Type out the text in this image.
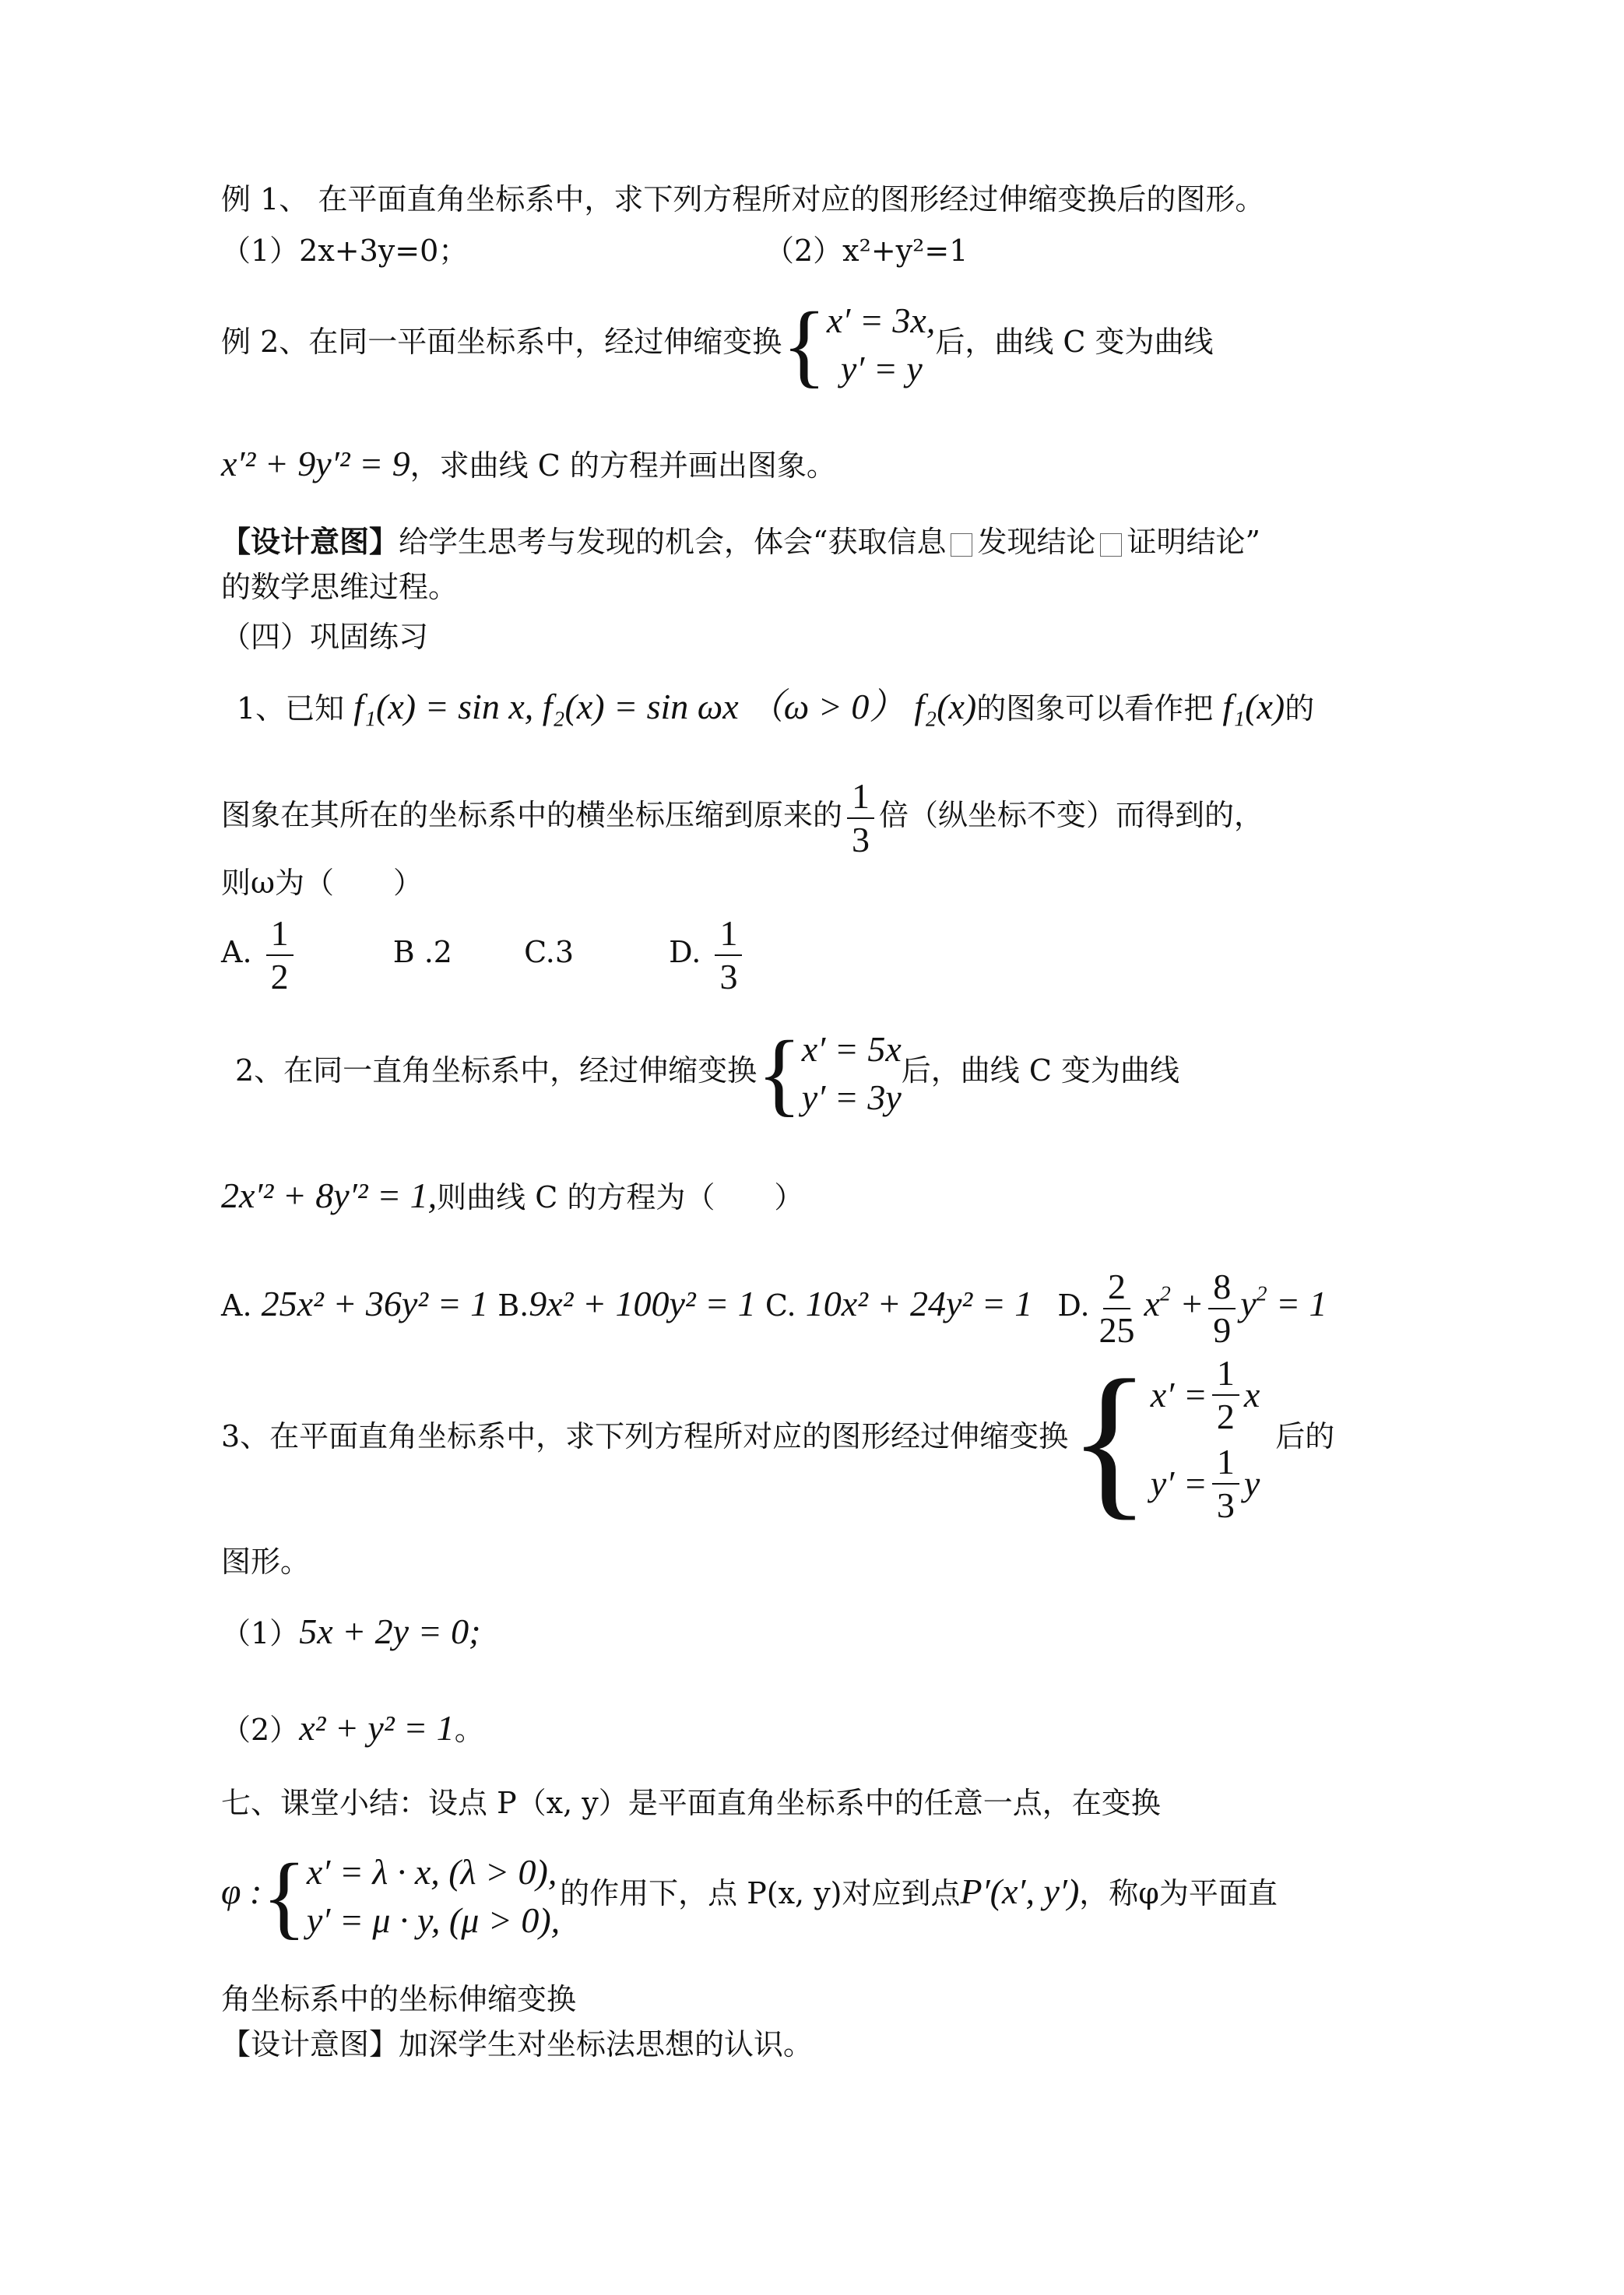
例 1、 在平面直角坐标系中，求下列方程所对应的图形经过伸缩变换后的图形。
（1）2x+3y=0；	（2）x²+y²=1
例 2、在同一平面坐标系中，经过伸缩变换 { x′ = 3x,
y′ = y
后，曲线 C 变为曲线
x′² + 9y′² = 9，求曲线 C 的方程并画出图象。
【设计意图】给学生思考与发现的机会，体会“获取信息 发现结论 证明结论”
的数学思维过程。
（四）巩固练习
1、已知 f₁(x) = sin x, f₂(x) = sin ωx （ω > 0） f₂(x)的图象可以看作把 f₁(x)的
图象在其所在的坐标系中的横坐标压缩到原来的 $\frac{1}{3}$ 倍（纵坐标不变）而得到的，
则ω为（　　）
A. $\frac{1}{2}$	B .2 C.3	D. $\frac{1}{3}$
2、在同一直角坐标系中，经过伸缩变换 { x′ = 5x
y′ = 3y
后，曲线 C 变为曲线
2x′² + 8y′² = 1,则曲线 C 的方程为（　　）
A. 25x² + 36y² = 1 B.9x² + 100y² = 1 C. 10x² + 24y² = 1 D. $\frac{2}{25} x^2 + \frac{8}{9} y^2 = 1$
3、在平面直角坐标系中，求下列方程所对应的图形经过伸缩变换 { $x' = \frac{1}{2}$ x
$y' = \frac{1}{3}$ y
后的
图形。
（1）5x + 2y = 0;
（2）x² + y² = 1。
七、课堂小结：设点 P（x, y）是平面直角坐标系中的任意一点，在变换
φ : { x′ = λ · x, (λ > 0),
y′ = μ · y, (μ > 0),
的作用下，点 P(x, y)对应到点P′(x′, y′)，称φ为平面直
角坐标系中的坐标伸缩变换
【设计意图】加深学生对坐标法思想的认识。
